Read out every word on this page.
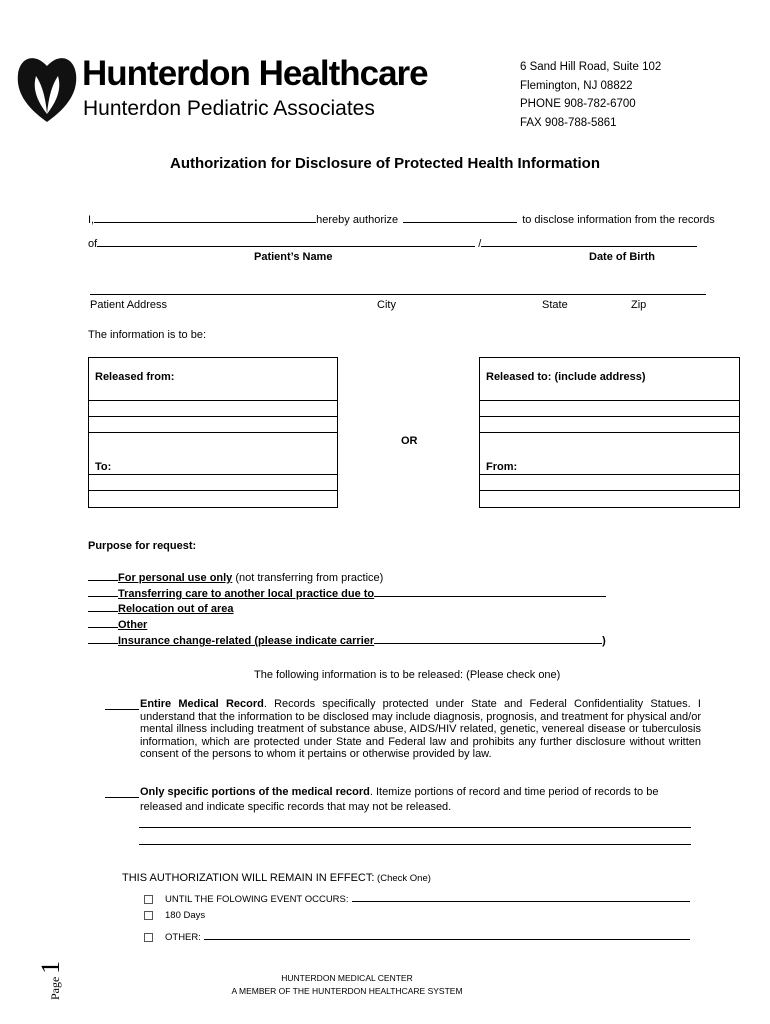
Hunterdon Healthcare
Hunterdon Pediatric Associates
6 Sand Hill Road, Suite 102
Flemington, NJ 08822
PHONE 908-782-6700
FAX 908-788-5861
Authorization for Disclosure of Protected Health Information
I,	hereby authorize	to disclose information from the records
of	/
Patient’s Name	Date of Birth
Patient Address	City	State	Zip
The information is to be:
Released from:
To:
OR
Released to: (include address)
From:
Purpose for request:
For personal use only (not transferring from practice)
Transferring care to another local practice due to
Relocation out of area
Other
Insurance change-related (please indicate carrier	)
The following information is to be released: (Please check one)
Entire Medical Record. Records specifically protected under State and Federal Confidentiality Statues. I understand that the information to be disclosed may include diagnosis, prognosis, and treatment for physical and/or mental illness including treatment of substance abuse, AIDS/HIV related, genetic, venereal disease or tuberculosis information, which are protected under State and Federal law and prohibits any further disclosure without written consent of the persons to whom it pertains or otherwise provided by law.
Only specific portions of the medical record. Itemize portions of record and time period of records to be released and indicate specific records that may not be released.
THIS AUTHORIZATION WILL REMAIN IN EFFECT: (Check One)
UNTIL THE FOLOWING EVENT OCCURS:
180 Days
OTHER:
Page 1
HUNTERDON MEDICAL CENTER
A MEMBER OF THE HUNTERDON HEALTHCARE SYSTEM
